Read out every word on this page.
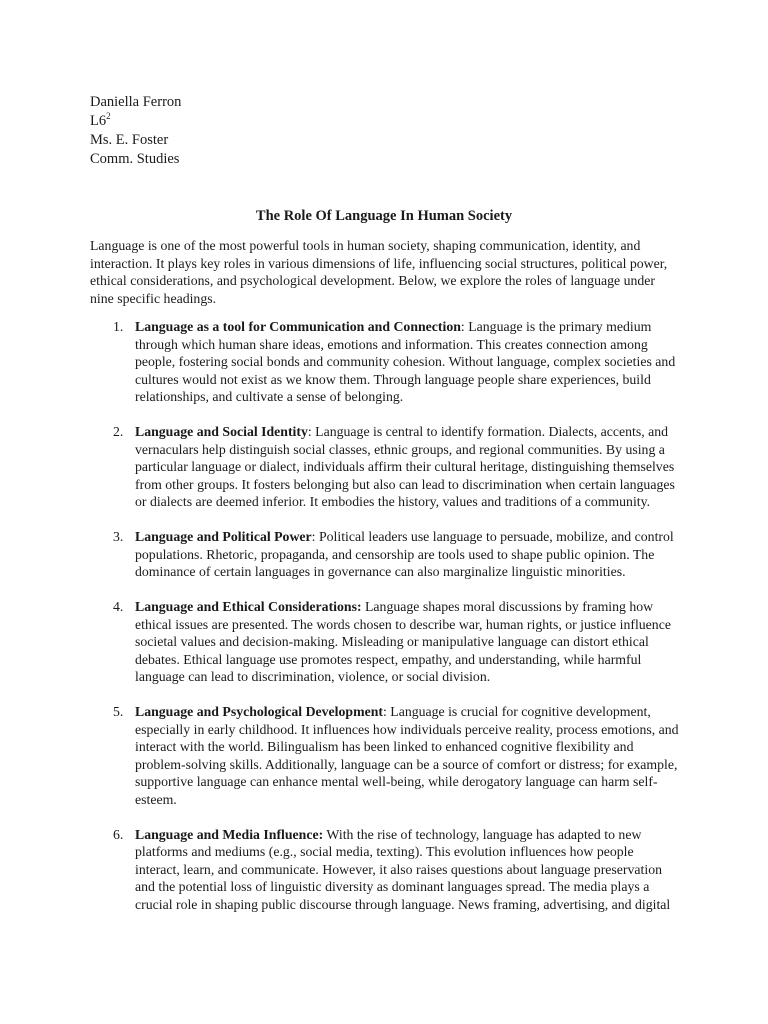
Daniella Ferron
$L6^2$
Ms. E. Foster
Comm. Studies
The Role Of Language In Human Society

Language is one of the most powerful tools in human society, shaping communication, identity, and interaction. It plays key roles in various dimensions of life, influencing social structures, political power, ethical considerations, and psychological development. Below, we explore the roles of language under nine specific headings.

1. Language as a tool for Communication and Connection: Language is the primary medium through which human share ideas, emotions and information. This creates connection among people, fostering social bonds and community cohesion. Without language, complex societies and cultures would not exist as we know them. Through language people share experiences, build relationships, and cultivate a sense of belonging.
2. Language and Social Identity: Language is central to identify formation. Dialects, accents, and vernaculars help distinguish social classes, ethnic groups, and regional communities. By using a particular language or dialect, individuals affirm their cultural heritage, distinguishing themselves from other groups. It fosters belonging but also can lead to discrimination when certain languages or dialects are deemed inferior. It embodies the history, values and traditions of a community.
3. Language and Political Power: Political leaders use language to persuade, mobilize, and control populations. Rhetoric, propaganda, and censorship are tools used to shape public opinion. The dominance of certain languages in governance can also marginalize linguistic minorities.
4. Language and Ethical Considerations: Language shapes moral discussions by framing how ethical issues are presented. The words chosen to describe war, human rights, or justice influence societal values and decision-making. Misleading or manipulative language can distort ethical debates. Ethical language use promotes respect, empathy, and understanding, while harmful language can lead to discrimination, violence, or social division.
5. Language and Psychological Development: Language is crucial for cognitive development, especially in early childhood. It influences how individuals perceive reality, process emotions, and interact with the world. Bilingualism has been linked to enhanced cognitive flexibility and problem-solving skills. Additionally, language can be a source of comfort or distress; for example, supportive language can enhance mental well-being, while derogatory language can harm self-esteem.
6. Language and Media Influence: With the rise of technology, language has adapted to new platforms and mediums (e.g., social media, texting). This evolution influences how people interact, learn, and communicate. However, it also raises questions about language preservation and the potential loss of linguistic diversity as dominant languages spread. The media plays a crucial role in shaping public discourse through language. News framing, advertising, and digital
